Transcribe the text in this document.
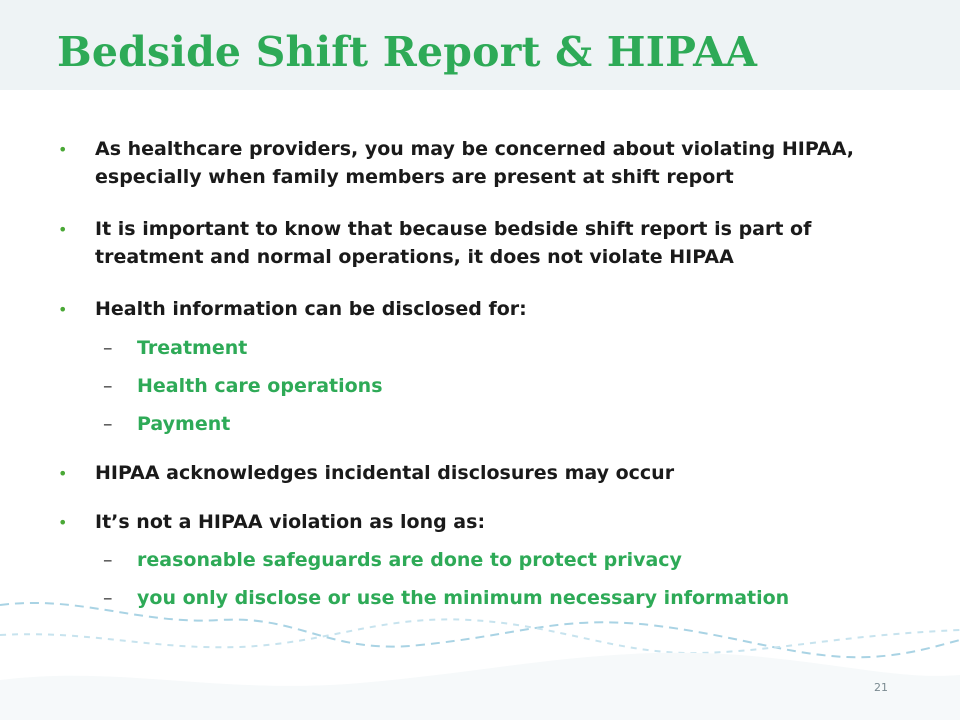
Bedside Shift Report & HIPAA
• As healthcare providers, you may be concerned about violating HIPAA, especially when family members are present at shift report
• It is important to know that because bedside shift report is part of treatment and normal operations, it does not violate HIPAA
• Health information can be disclosed for:
– Treatment
– Health care operations
– Payment
• HIPAA acknowledges incidental disclosures may occur
• It’s not a HIPAA violation as long as:
– reasonable safeguards are done to protect privacy
– you only disclose or use the minimum necessary information
21
